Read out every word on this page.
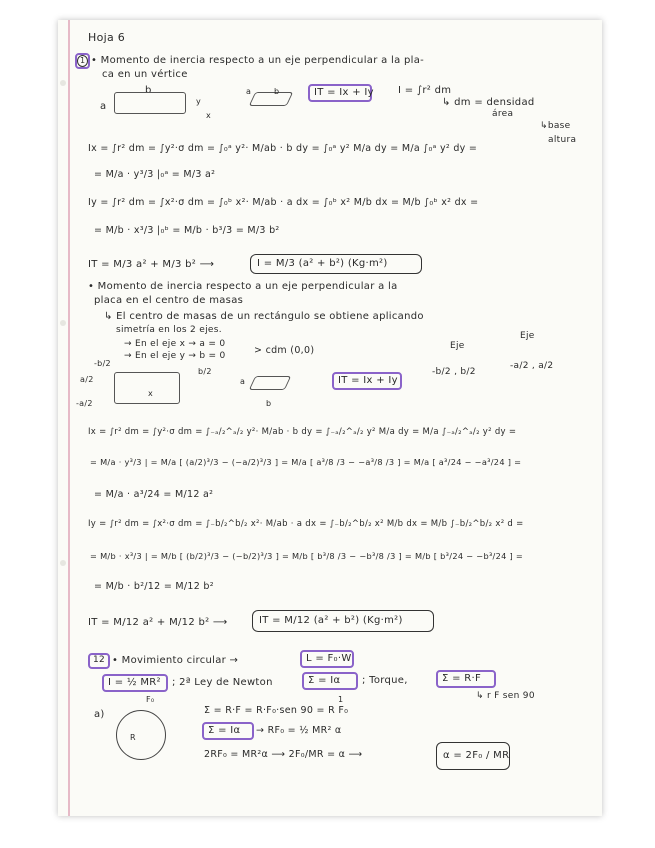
Hoja 6
1 • Momento de inercia respecto a un eje perpendicular a la pla-
ca en un vértice
b
a	y
x
a	b	IT = Ix + Iy I = ∫r² dm
↳ dm = densidad
área
↳base
altura
Ix = ∫r² dm = ∫y²·σ dm = ∫₀ᵃ y²· M/ab · b dy = ∫₀ᵃ y² M/a dy = M/a ∫₀ᵃ y² dy =
= M/a · y³/3 |₀ᵃ = M/3 a²
Iy = ∫r² dm = ∫x²·σ dm = ∫₀ᵇ x²· M/ab · a dx = ∫₀ᵇ x² M/b dx = M/b ∫₀ᵇ x² dx =
= M/b · x³/3 |₀ᵇ = M/b · b³/3 = M/3 b²
IT = M/3 a² + M/3 b² ⟶	I = M/3 (a² + b²) (Kg·m²)
• Momento de inercia respecto a un eje perpendicular a la
placa en el centro de masas
↳ El centro de masas de un rectángulo se obtiene aplicando
simetría en los 2 ejes.
→ En el eje x → a = 0
→ En el eje y → b = 0	> cdm (0,0)	Eje
-b/2 , b/2
Eje
-a/2 , a/2
-b/2
a/2
x
b/2
-a/2
a
b
IT = Ix + Iy
Ix = ∫r² dm = ∫y²·σ dm = ∫₋ₐ/₂^ₐ/₂ y²· M/ab · b dy = ∫₋ₐ/₂^ₐ/₂ y² M/a dy = M/a ∫₋ₐ/₂^ₐ/₂ y² dy =
= M/a · y³/3 | = M/a [ (a/2)³/3 − (−a/2)³/3 ] = M/a [ a³/8 /3 − −a³/8 /3 ] = M/a [ a³/24 − −a³/24 ] =
= M/a · a³/24 = M/12 a²
Iy = ∫r² dm = ∫x²·σ dm = ∫₋b/₂^b/₂ x²· M/ab · a dx = ∫₋b/₂^b/₂ x² M/b dx = M/b ∫₋b/₂^b/₂ x² d =
= M/b · x³/3 | = M/b [ (b/2)³/3 − (−b/2)³/3 ] = M/b [ b³/8 /3 − −b³/8 /3 ] = M/b [ b³/24 − −b³/24 ] =
= M/b · b²/12 = M/12 b²
IT = M/12 a² + M/12 b² ⟶	IT = M/12 (a² + b²) (Kg·m²)
12 • Movimiento circular →	L = F₀·W
I = ½ MR² ; 2ª Ley de Newton	Σ = Iα ; Torque,	Σ = R·F
↳ r F sen 90
a)
F₀
R
Σ = R·F = R·F₀·sen 90 = R F₀
1
Σ = Iα → RF₀ = ½ MR² α
2RF₀ = MR²α ⟶ 2F₀/MR = α ⟶	α = 2F₀ / MR
